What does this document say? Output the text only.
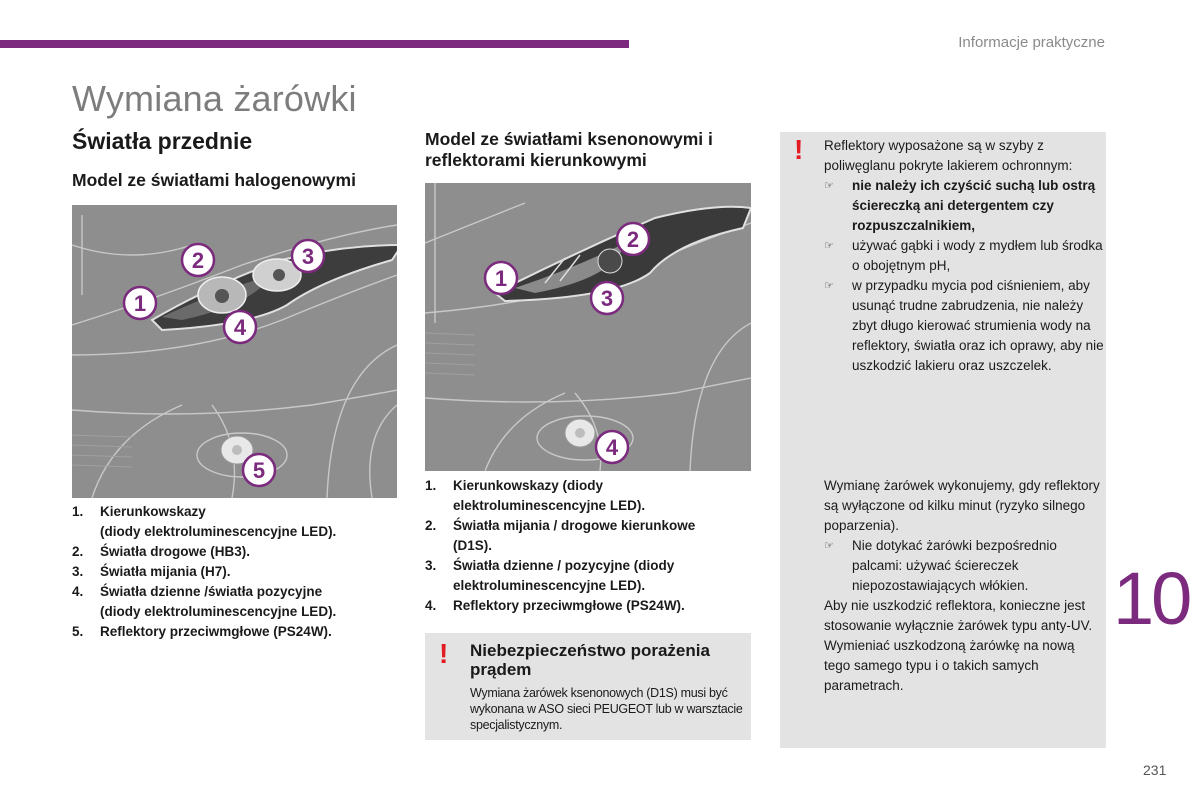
Informacje praktyczne
Wymiana żarówki
Światła przednie
Model ze światłami halogenowymi
Model ze światłami ksenonowymi i reflektorami kierunkowymi
2	3
1
4
5
1
2
3
4
1. Kierunkowskazy
(diody elektroluminescencyjne LED).
2. Światła drogowe (HB3).
3. Światła mijania (H7).
4. Światła dzienne /światła pozycyjne
(diody elektroluminescencyjne LED).
5. Reflektory przeciwmgłowe (PS24W).
1. Kierunkowskazy (diody
elektroluminescencyjne LED).
2. Światła mijania / drogowe kierunkowe
(D1S).
3. Światła dzienne / pozycyjne (diody
elektroluminescencyjne LED).
4. Reflektory przeciwmgłowe (PS24W).
! Niebezpieczeństwo porażenia prądem
Wymiana żarówek ksenonowych (D1S) musi być wykonana w ASO sieci PEUGEOT lub w warsztacie specjalistycznym.
! Reflektory wyposażone są w szyby z poliwęglanu pokryte lakierem ochronnym:
☞ nie należy ich czyścić suchą lub ostrą ściereczką ani detergentem czy rozpuszczalnikiem,
☞ używać gąbki i wody z mydłem lub środka o obojętnym pH,
☞ w przypadku mycia pod ciśnieniem, aby usunąć trudne zabrudzenia, nie należy zbyt długo kierować strumienia wody na reflektory, światła oraz ich oprawy, aby nie uszkodzić lakieru oraz uszczelek.
Wymianę żarówek wykonujemy, gdy reflektory są wyłączone od kilku minut (ryzyko silnego poparzenia).
☞ Nie dotykać żarówki bezpośrednio palcami: używać ściereczek niepozostawiających włókien.
Aby nie uszkodzić reflektora, konieczne jest stosowanie wyłącznie żarówek typu anty-UV.
Wymieniać uszkodzoną żarówkę na nową tego samego typu i o takich samych parametrach.
10
231
